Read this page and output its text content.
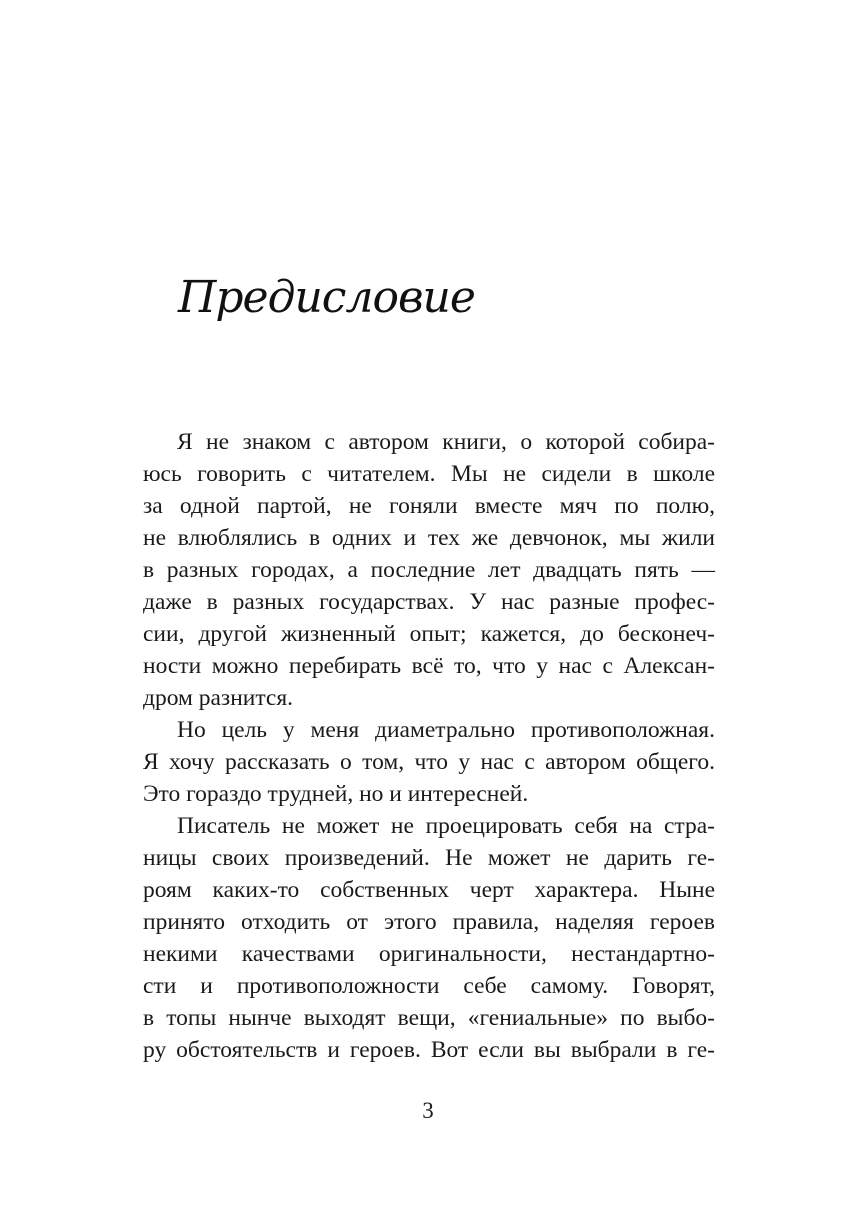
Предисловие
Я не знаком с автором книги, о которой собира-
юсь говорить с читателем. Мы не сидели в школе
за одной партой, не гоняли вместе мяч по полю,
не влюблялись в одних и тех же девчонок, мы жили
в разных городах, а последние лет двадцать пять —
даже в разных государствах. У нас разные профес-
сии, другой жизненный опыт; кажется, до бесконеч-
ности можно перебирать всё то, что у нас с Алексан-
дром разнится.
Но цель у меня диаметрально противоположная.
Я хочу рассказать о том, что у нас с автором общего.
Это гораздо трудней, но и интересней.
Писатель не может не проецировать себя на стра-
ницы своих произведений. Не может не дарить ге-
роям каких-то собственных черт характера. Ныне
принято отходить от этого правила, наделяя героев
некими качествами оригинальности, нестандартно-
сти и противоположности себе самому. Говорят,
в топы нынче выходят вещи, «гениальные» по выбо-
ру обстоятельств и героев. Вот если вы выбрали в ге-
3
